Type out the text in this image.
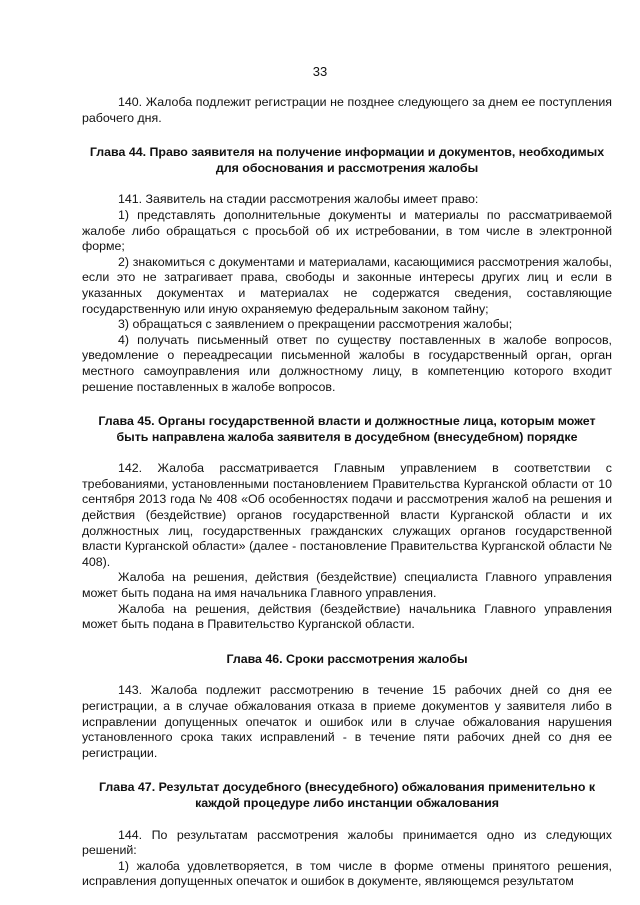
33

140. Жалоба подлежит регистрации не позднее следующего за днем ее поступления рабочего дня.

Глава 44. Право заявителя на получение информации и документов, необходимых для обоснования и рассмотрения жалобы

141. Заявитель на стадии рассмотрения жалобы имеет право:

1) представлять дополнительные документы и материалы по рассматриваемой жалобе либо обращаться с просьбой об их истребовании, в том числе в электронной форме;

2) знакомиться с документами и материалами, касающимися рассмотрения жалобы, если это не затрагивает права, свободы и законные интересы других лиц и если в указанных документах и материалах не содержатся сведения, составляющие государственную или иную охраняемую федеральным законом тайну;

3) обращаться с заявлением о прекращении рассмотрения жалобы;

4) получать письменный ответ по существу поставленных в жалобе вопросов, уведомление о переадресации письменной жалобы в государственный орган, орган местного самоуправления или должностному лицу, в компетенцию которого входит решение поставленных в жалобе вопросов.

Глава 45. Органы государственной власти и должностные лица, которым может быть направлена жалоба заявителя в досудебном (внесудебном) порядке

142. Жалоба рассматривается Главным управлением в соответствии с требованиями, установленными постановлением Правительства Курганской области от 10 сентября 2013 года № 408 «Об особенностях подачи и рассмотрения жалоб на решения и действия (бездействие) органов государственной власти Курганской области и их должностных лиц, государственных гражданских служащих органов государственной власти Курганской области» (далее - постановление Правительства Курганской области № 408).

Жалоба на решения, действия (бездействие) специалиста Главного управления может быть подана на имя начальника Главного управления.

Жалоба на решения, действия (бездействие) начальника Главного управления может быть подана в Правительство Курганской области.

Глава 46. Сроки рассмотрения жалобы

143. Жалоба подлежит рассмотрению в течение 15 рабочих дней со дня ее регистрации, а в случае обжалования отказа в приеме документов у заявителя либо в исправлении допущенных опечаток и ошибок или в случае обжалования нарушения установленного срока таких исправлений - в течение пяти рабочих дней со дня ее регистрации.

Глава 47. Результат досудебного (внесудебного) обжалования применительно к каждой процедуре либо инстанции обжалования

144. По результатам рассмотрения жалобы принимается одно из следующих решений:

1) жалоба удовлетворяется, в том числе в форме отмены принятого решения, исправления допущенных опечаток и ошибок в документе, являющемся результатом
